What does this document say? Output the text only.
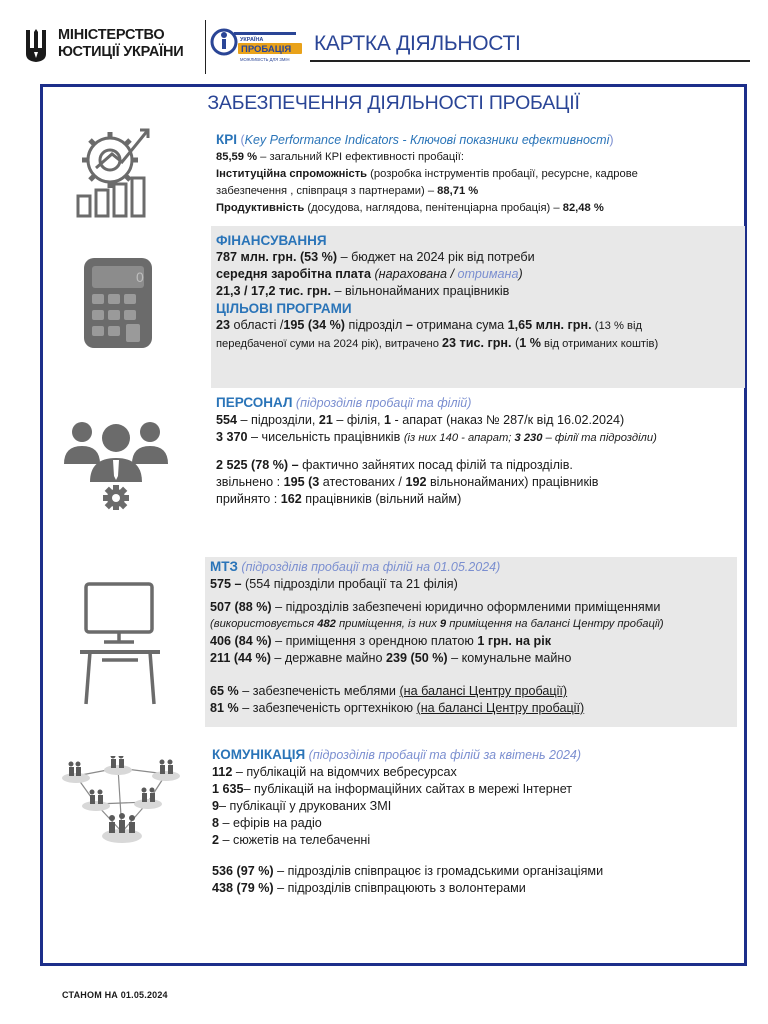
МІНІСТЕРСТВО
ЮСТИЦІЇ УКРАЇНИ
УКРАЇНА
ПРОБАЦІЯ
МОЖЛИВІСТЬ ДЛЯ ЗМІН
КАРТКА ДІЯЛЬНОСТІ
ЗАБЕЗПЕЧЕННЯ ДІЯЛЬНОСТІ ПРОБАЦІЇ
0
КРІ (Key Performance Indicators - Ключові показники ефективності)
85,59 % – загальний КРІ ефективності пробації:
Інституційна спроможність (розробка інструментів пробації, ресурсне, кадрове
забезпечення , співпраця з партнерами) – 88,71 %
Продуктивність (досудова, наглядова, пенітенціарна пробація) – 82,48 %
ФІНАНСУВАННЯ
787 млн. грн. (53 %) – бюджет на 2024 рік від потреби
середня заробітна плата (нарахована / отримана)
21,3 / 17,2 тис. грн. – вільнонайманих працівників
ЦІЛЬОВІ ПРОГРАМИ
23 області /195 (34 %) підрозділ – отримана сума 1,65 млн. грн. (13 % від
передбаченої суми на 2024 рік), витрачено 23 тис. грн. (1 % від отриманих коштів)
ПЕРСОНАЛ (підрозділів пробації та філій)
554 – підрозділи, 21 – філія, 1 - апарат (наказ № 287/к від 16.02.2024)
3 370 – чисельність працівників (із них 140 - апарат; 3 230 – філії та підрозділи)
2 525 (78 %) – фактично зайнятих посад філій та підрозділів.
звільнено : 195 (3 атестованих / 192 вільнонайманих) працівників
прийнято : 162 працівників (вільний найм)
МТЗ (підрозділів пробації та філій на 01.05.2024)
575 – (554 підрозділи пробації та 21 філія)
507 (88 %) – підрозділів забезпечені юридично оформленими приміщеннями
(використовується 482 приміщення, із них 9 приміщення на балансі Центру пробації)
406 (84 %) – приміщення з орендною платою 1 грн. на рік
211 (44 %) – державне майно 239 (50 %) – комунальне майно
65 % – забезпеченість меблями (на балансі Центру пробації)
81 % – забезпеченість оргтехнікою (на балансі Центру пробації)
КОМУНІКАЦІЯ (підрозділів пробації та філій за квітень 2024)
112 – публікацій на відомчих вебресурсах
1 635– публікацій на інформаційних сайтах в мережі Інтернет
9– публікації у друкованих ЗМІ
8 – ефірів на радіо
2 – сюжетів на телебаченні
536 (97 %) – підрозділів співпрацює із громадськими організаціями
438 (79 %) – підрозділів співпрацюють з волонтерами
СТАНОМ НА 01.05.2024
